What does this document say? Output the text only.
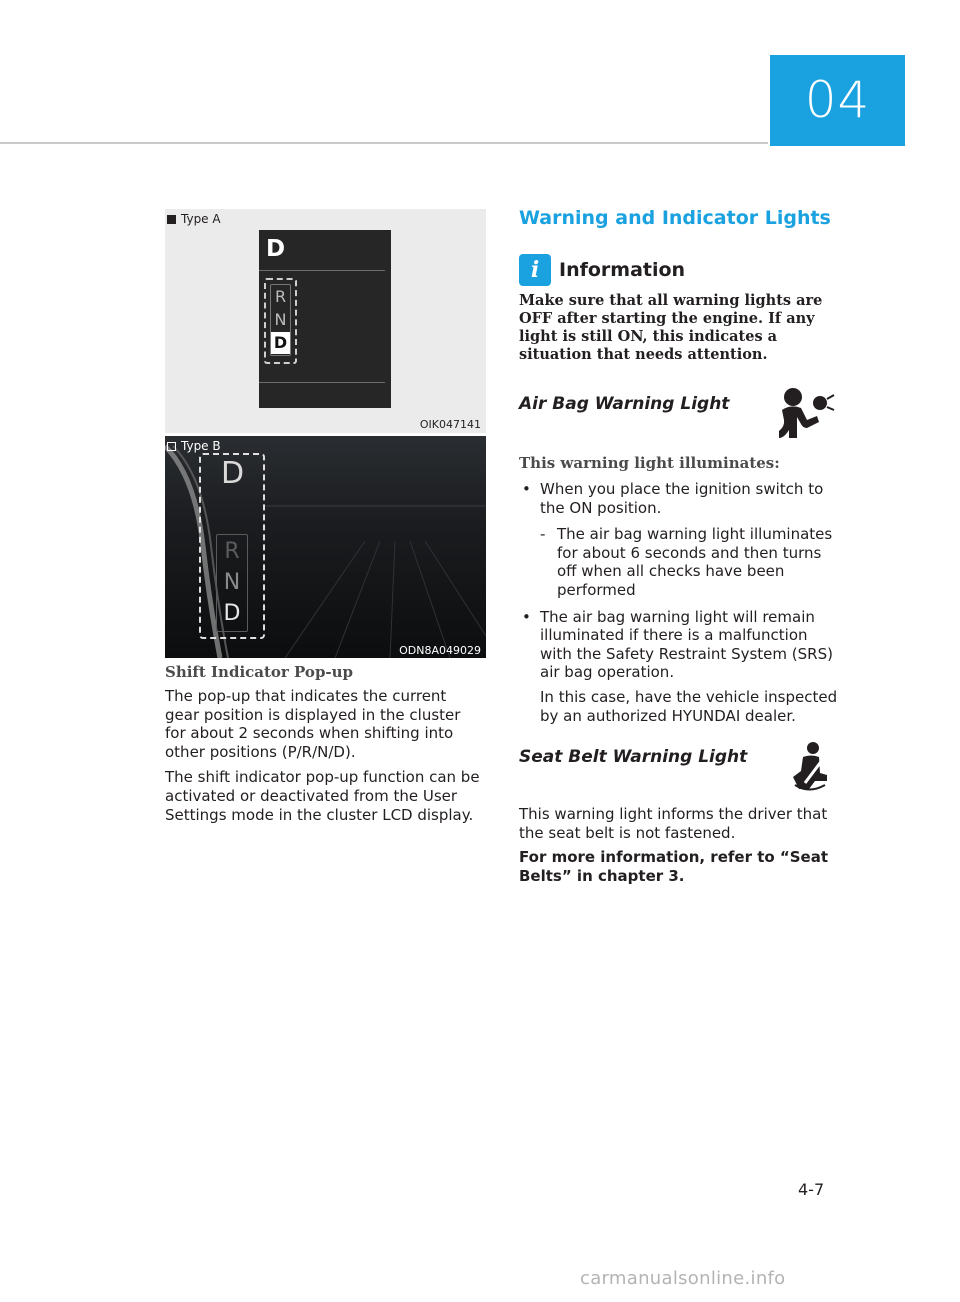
04
Type A
D
R
N
D
OIK047141
Type B
D
R
N
D
ODN8A049029
Shift Indicator Pop-up

The pop-up that indicates the current gear position is displayed in the cluster for about 2 seconds when shifting into other positions (P/R/N/D).

The shift indicator pop-up function can be activated or deactivated from the User Settings mode in the cluster LCD display.

Warning and Indicator Lights
i	Information
Make sure that all warning lights are OFF after starting the engine. If any light is still ON, this indicates a situation that needs attention.
Air Bag Warning Light
This warning light illuminates:
• When you place the ignition switch to the ON position.
- The air bag warning light illuminates for about 6 seconds and then turns off when all checks have been performed
• The air bag warning light will remain illuminated if there is a malfunction with the Safety Restraint System (SRS) air bag operation.
In this case, have the vehicle inspected by an authorized HYUNDAI dealer.
Seat Belt Warning Light

This warning light informs the driver that the seat belt is not fastened.

For more information, refer to “Seat Belts” in chapter 3.

4-7
carmanualsonline.info
